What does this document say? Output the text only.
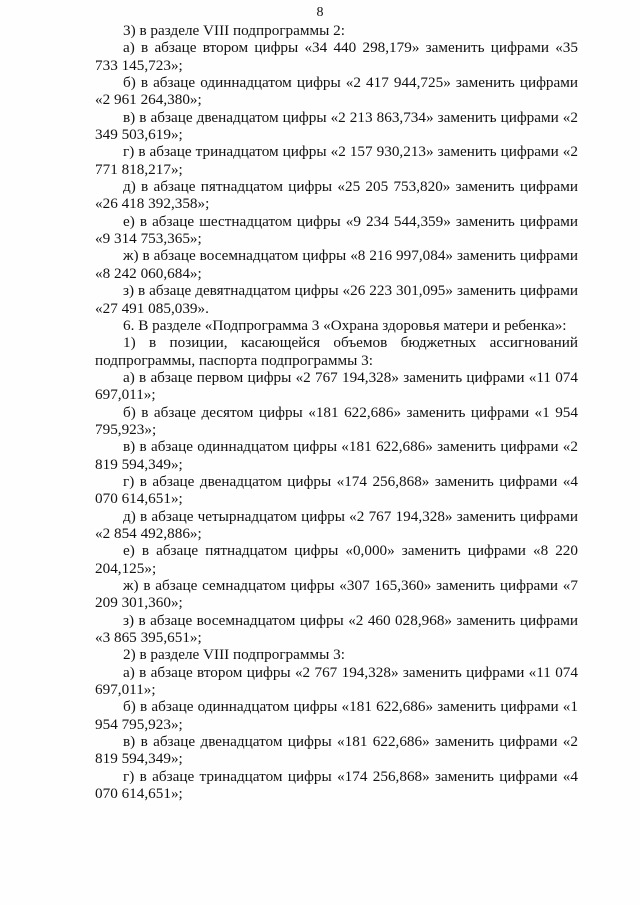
8

3) в разделе VIII подпрограммы 2:

а) в абзаце втором цифры «34 440 298,179» заменить цифрами «35 733 145,723»;

б) в абзаце одиннадцатом цифры «2 417 944,725» заменить цифрами «2 961 264,380»;

в) в абзаце двенадцатом цифры «2 213 863,734» заменить цифрами «2 349 503,619»;

г) в абзаце тринадцатом цифры «2 157 930,213» заменить цифрами «2 771 818,217»;

д) в абзаце пятнадцатом цифры «25 205 753,820» заменить цифрами «26 418 392,358»;

е) в абзаце шестнадцатом цифры «9 234 544,359» заменить цифрами «9 314 753,365»;

ж) в абзаце восемнадцатом цифры «8 216 997,084» заменить цифрами «8 242 060,684»;

з) в абзаце девятнадцатом цифры «26 223 301,095» заменить цифрами «27 491 085,039».

6. В разделе «Подпрограмма 3 «Охрана здоровья матери и ребенка»:

1) в позиции, касающейся объемов бюджетных ассигнований подпрограммы, паспорта подпрограммы 3:

а) в абзаце первом цифры «2 767 194,328» заменить цифрами «11 074 697,011»;

б) в абзаце десятом цифры «181 622,686» заменить цифрами «1 954 795,923»;

в) в абзаце одиннадцатом цифры «181 622,686» заменить цифрами «2 819 594,349»;

г) в абзаце двенадцатом цифры «174 256,868» заменить цифрами «4 070 614,651»;

д) в абзаце четырнадцатом цифры «2 767 194,328» заменить цифрами «2 854 492,886»;

е) в абзаце пятнадцатом цифры «0,000» заменить цифрами «8 220 204,125»;

ж) в абзаце семнадцатом цифры «307 165,360» заменить цифрами «7 209 301,360»;

з) в абзаце восемнадцатом цифры «2 460 028,968» заменить цифрами «3 865 395,651»;

2) в разделе VIII подпрограммы 3:

а) в абзаце втором цифры «2 767 194,328» заменить цифрами «11 074 697,011»;

б) в абзаце одиннадцатом цифры «181 622,686» заменить цифрами «1 954 795,923»;

в) в абзаце двенадцатом цифры «181 622,686» заменить цифрами «2 819 594,349»;

г) в абзаце тринадцатом цифры «174 256,868» заменить цифрами «4 070 614,651»;
